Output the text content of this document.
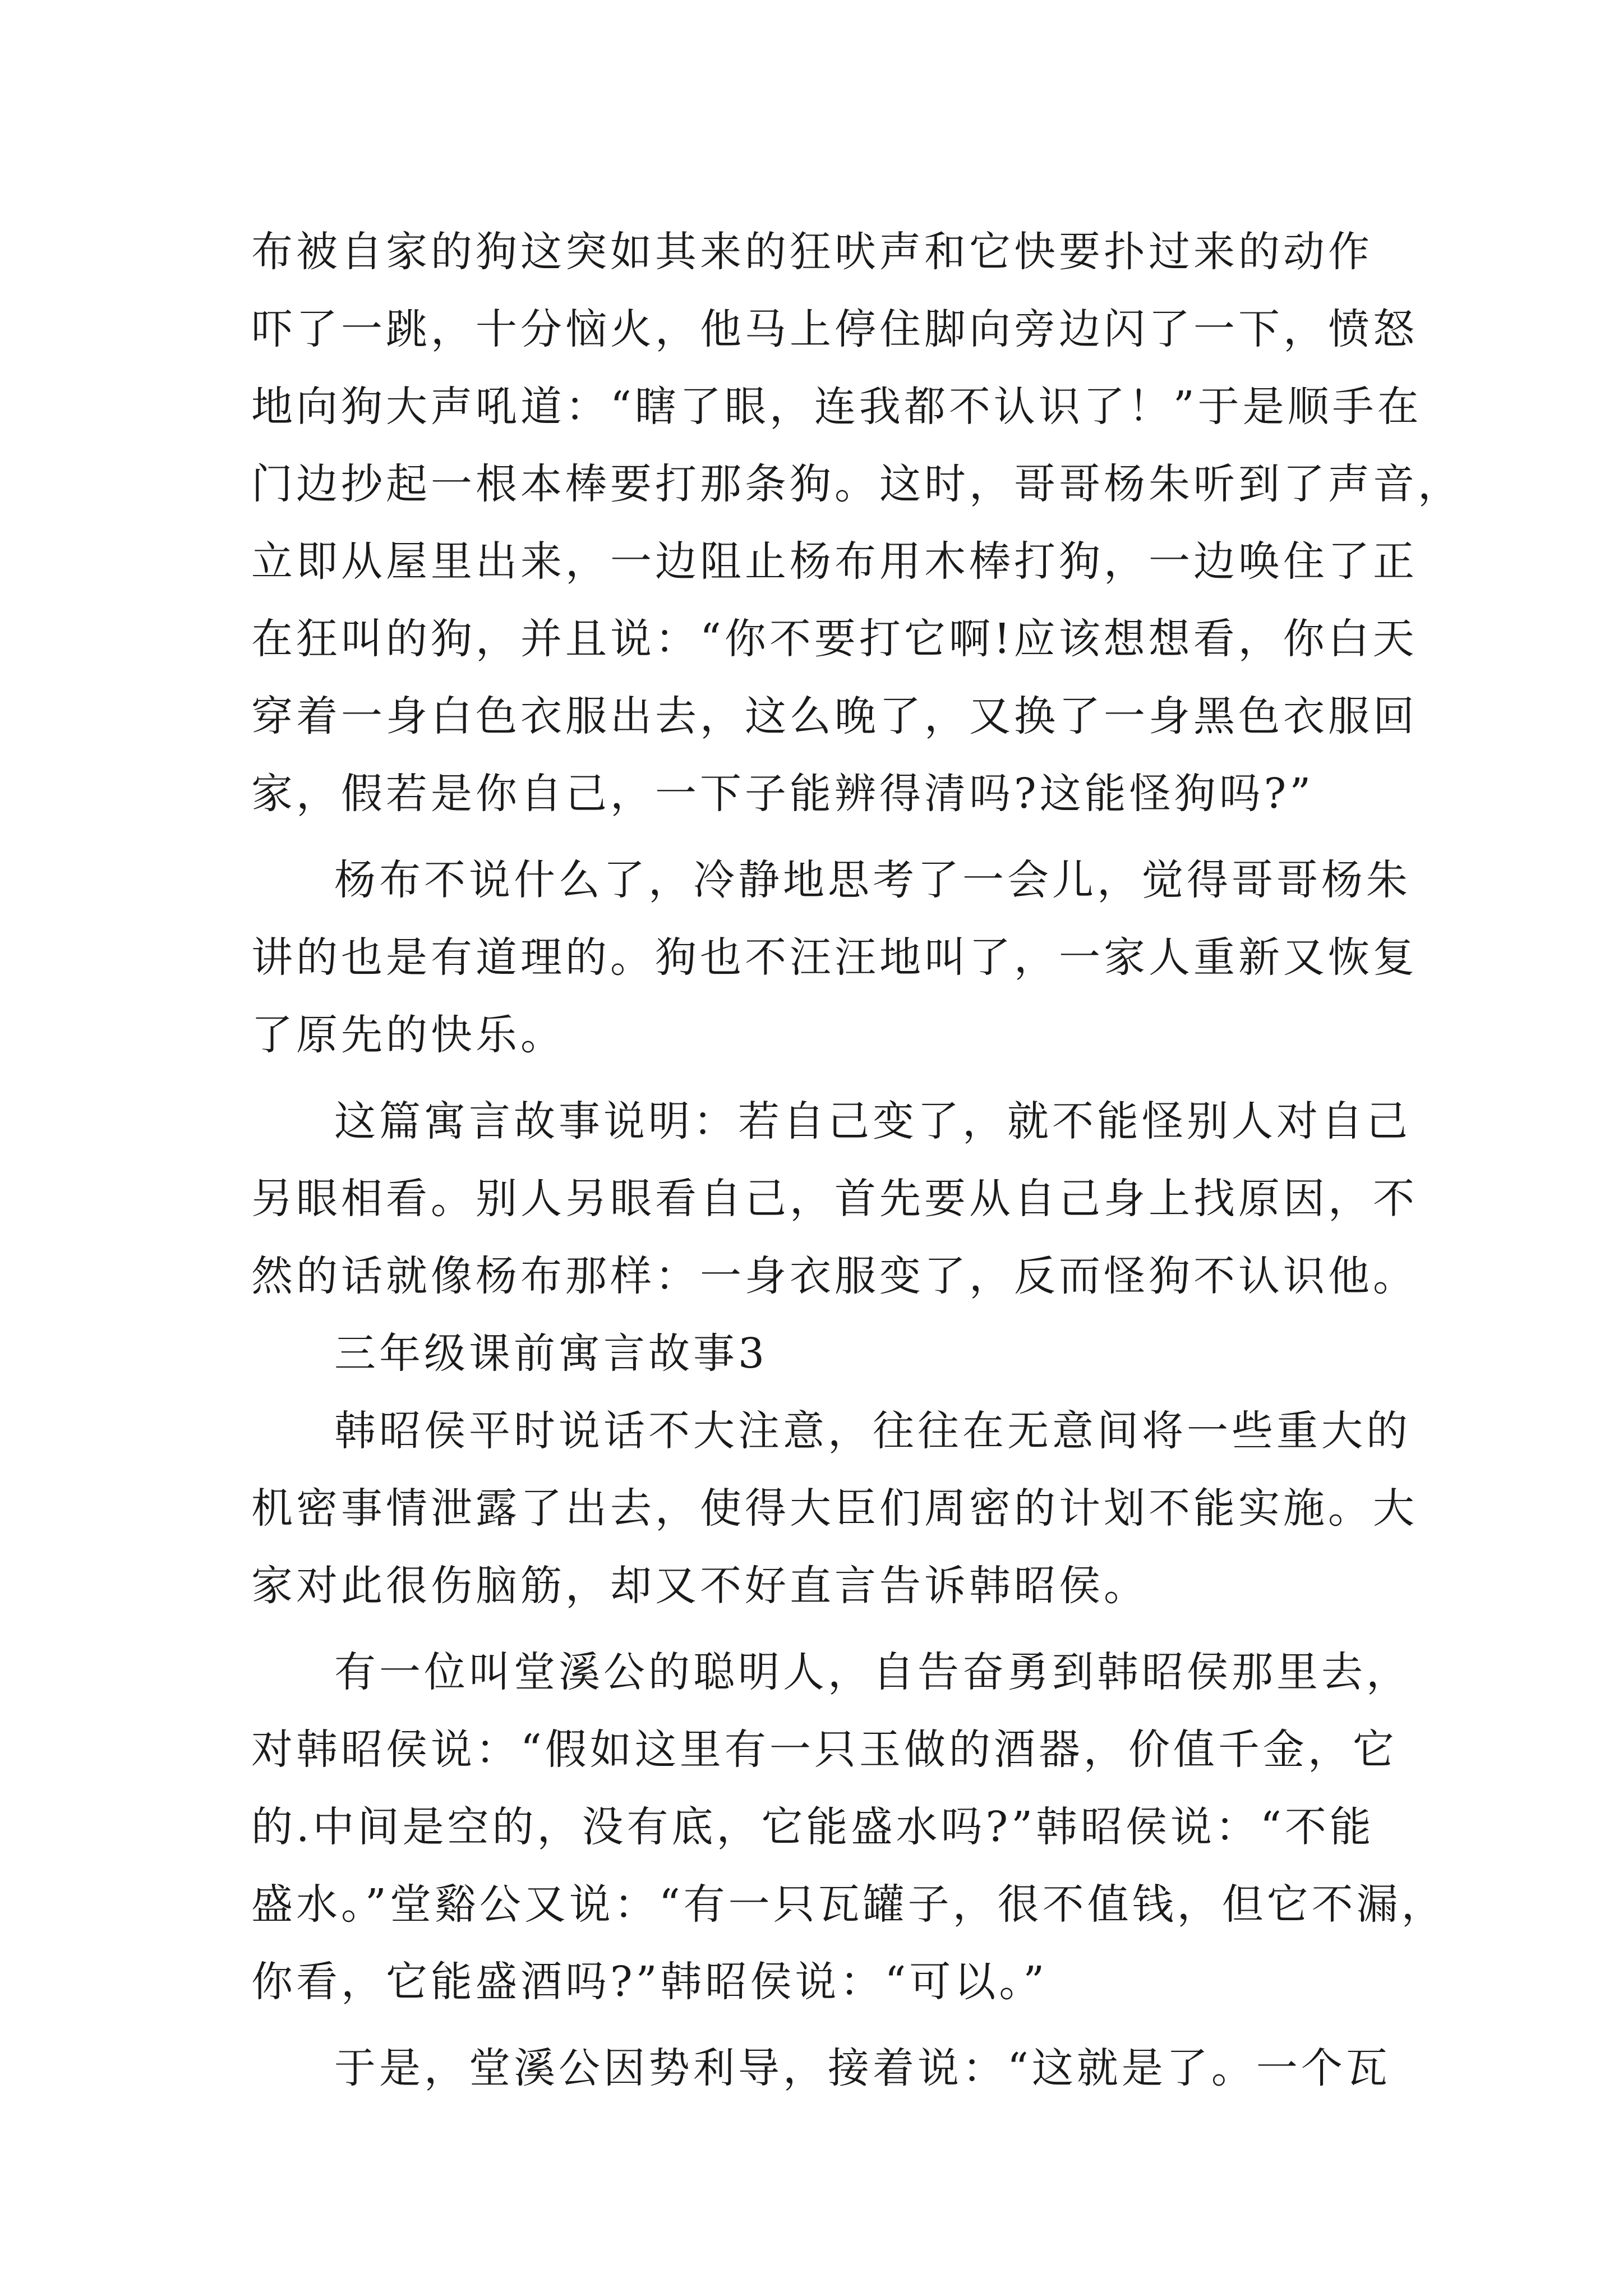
布被自家的狗这突如其来的狂吠声和它快要扑过来的动作
吓了一跳，十分恼火，他马上停住脚向旁边闪了一下，愤怒
地向狗大声吼道：“瞎了眼，连我都不认识了！”于是顺手在
门边抄起一根本棒要打那条狗。这时，哥哥杨朱听到了声音，
立即从屋里出来，一边阻止杨布用木棒打狗，一边唤住了正
在狂叫的狗，并且说：“你不要打它啊!应该想想看，你白天
穿着一身白色衣服出去，这么晚了，又换了一身黑色衣服回
家，假若是你自己，一下子能辨得清吗?这能怪狗吗?”
杨布不说什么了，冷静地思考了一会儿，觉得哥哥杨朱
讲的也是有道理的。狗也不汪汪地叫了，一家人重新又恢复
了原先的快乐。
这篇寓言故事说明：若自己变了，就不能怪别人对自己
另眼相看。别人另眼看自己，首先要从自己身上找原因，不
然的话就像杨布那样：一身衣服变了，反而怪狗不认识他。
三年级课前寓言故事3
韩昭侯平时说话不大注意，往往在无意间将一些重大的
机密事情泄露了出去，使得大臣们周密的计划不能实施。大
家对此很伤脑筋，却又不好直言告诉韩昭侯。
有一位叫堂溪公的聪明人，自告奋勇到韩昭侯那里去，
对韩昭侯说：“假如这里有一只玉做的酒器，价值千金，它
的.中间是空的，没有底，它能盛水吗?”韩昭侯说：“不能
盛水。”堂谿公又说：“有一只瓦罐子，很不值钱，但它不漏，
你看，它能盛酒吗?”韩昭侯说：“可以。”
于是，堂溪公因势利导，接着说：“这就是了。一个瓦
